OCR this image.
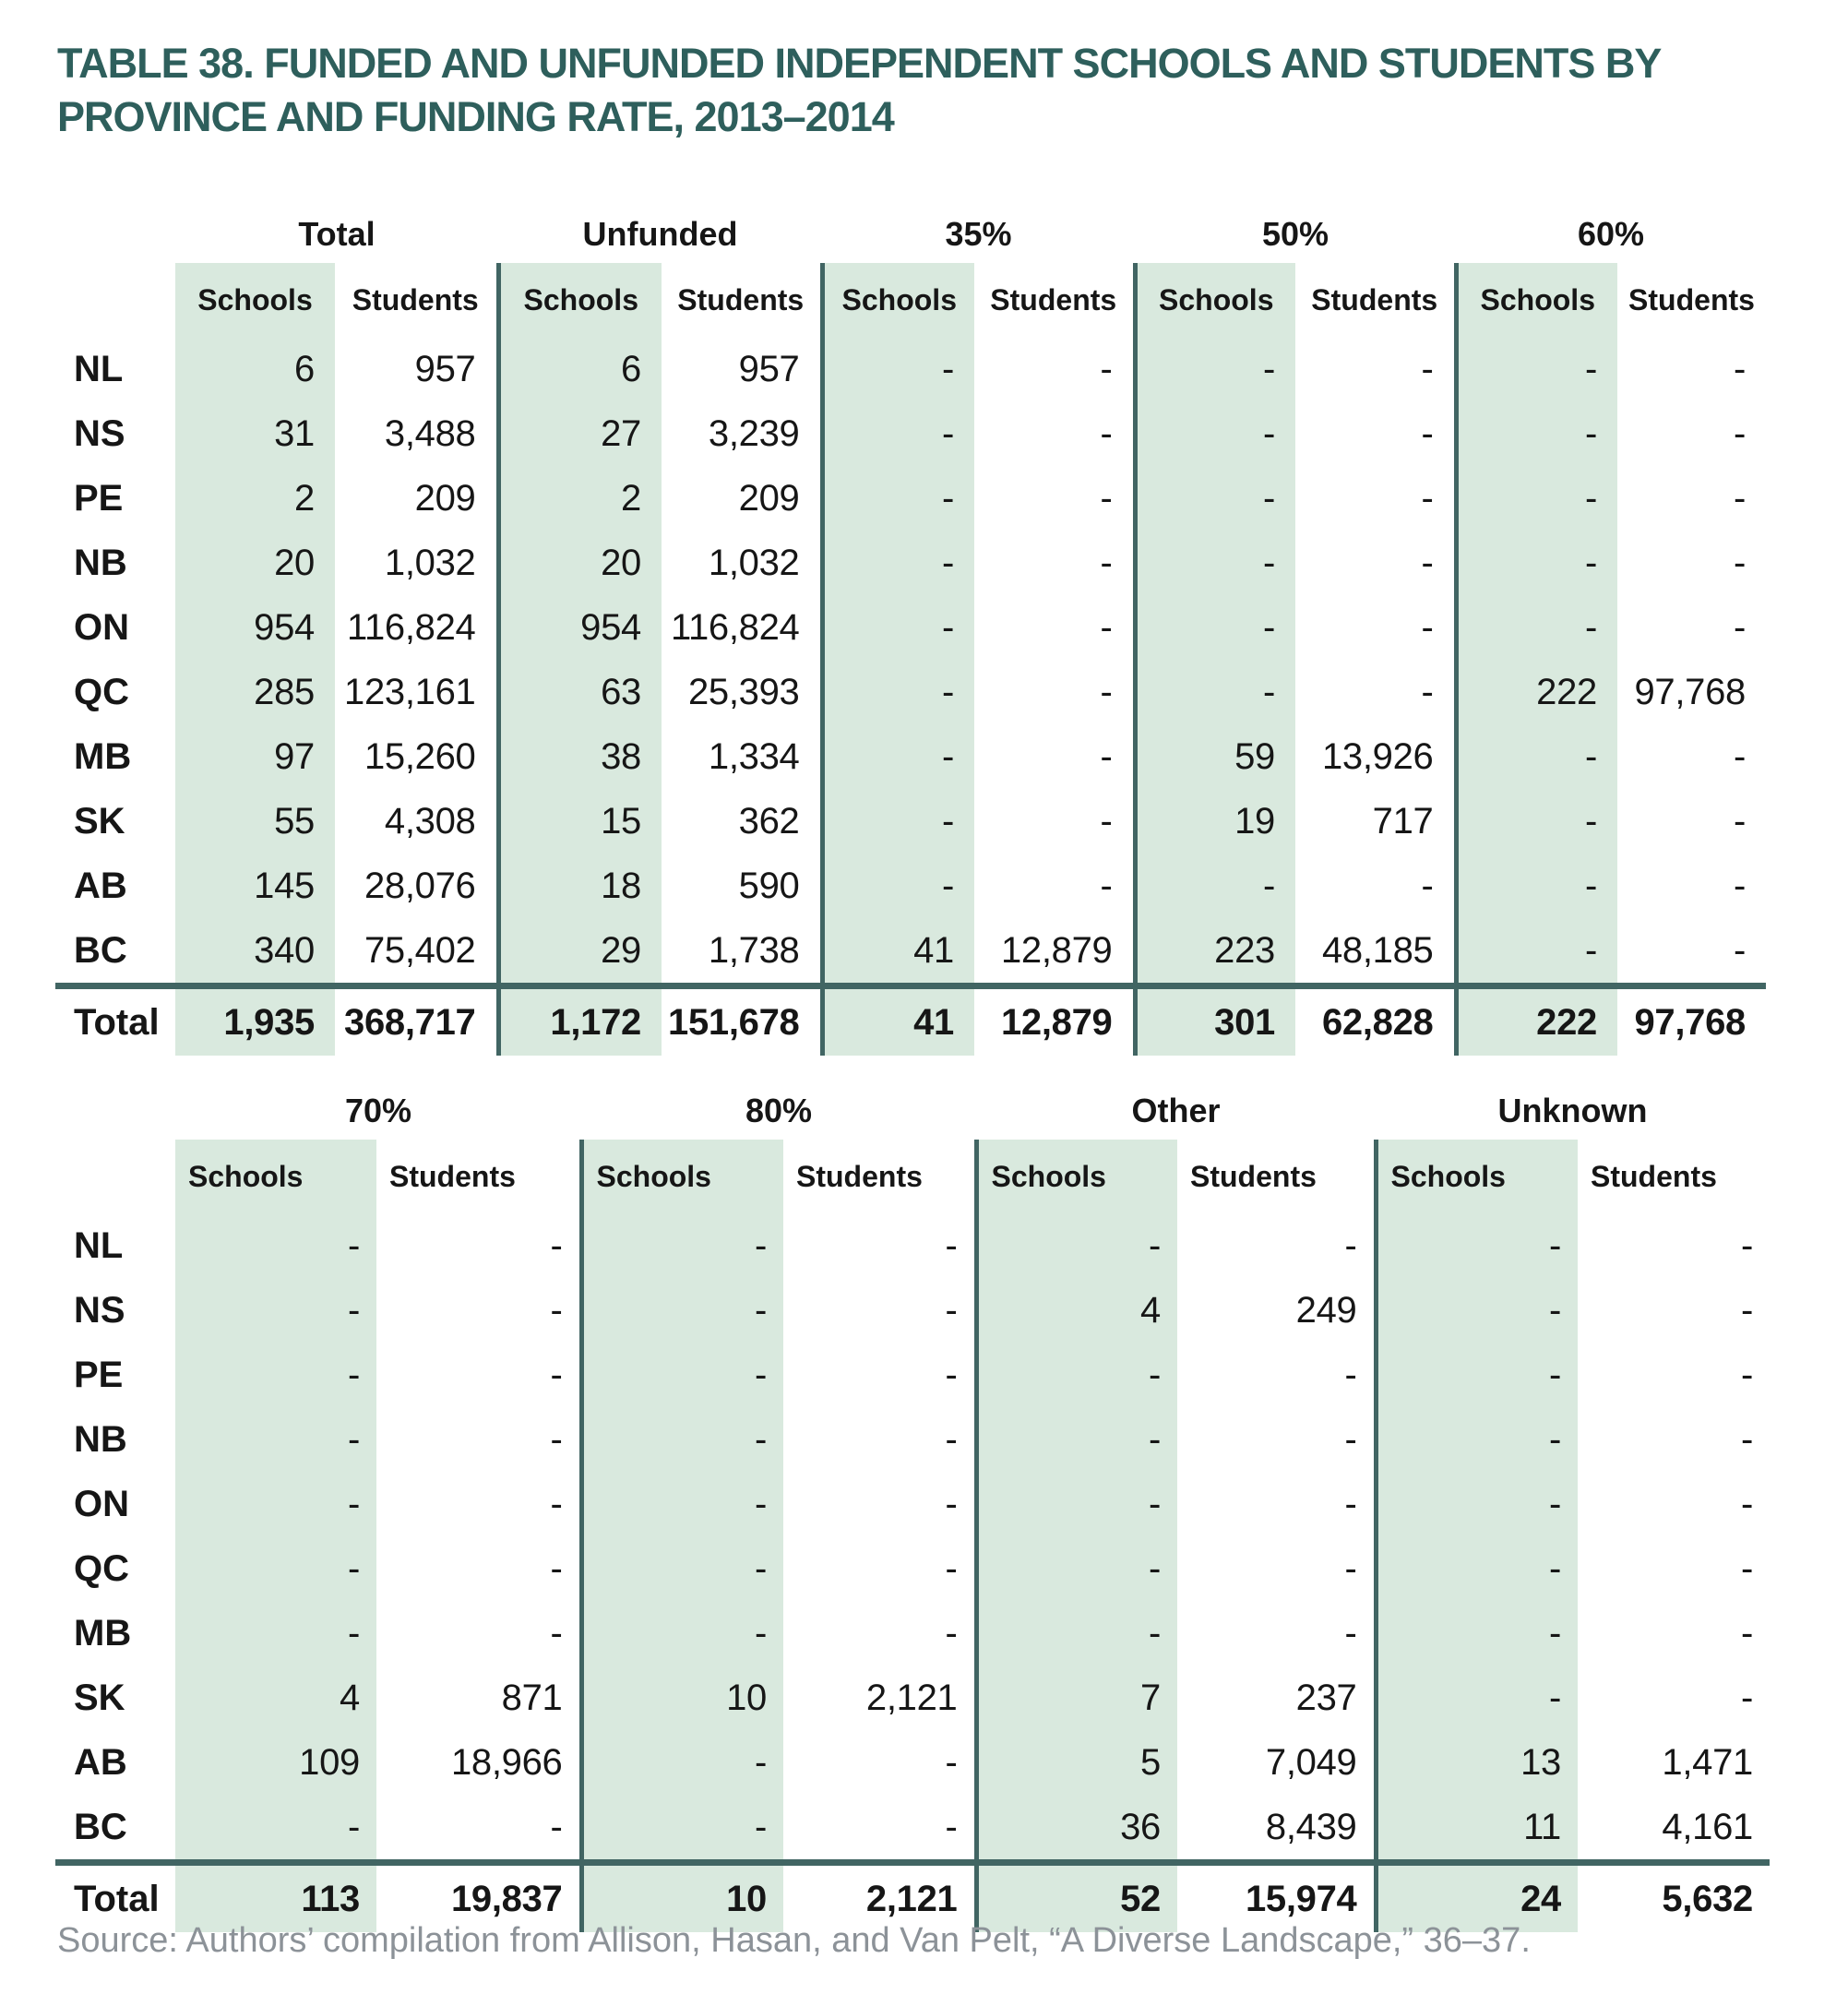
TABLE 38. FUNDED AND UNFUNDED INDEPENDENT SCHOOLS AND STUDENTS BY
PROVINCE AND FUNDING RATE, 2013–2014
	Total		Unfunded		35%		50%		60%	
	Schools	Students	Schools	Students	Schools	Students	Schools	Students	Schools	Students
NL	6	957	6	957	-	-	-	-	-	-
NS	31	3,488	27	3,239	-	-	-	-	-	-
PE	2	209	2	209	-	-	-	-	-	-
NB	20	1,032	20	1,032	-	-	-	-	-	-
ON	954	116,824	954	116,824	-	-	-	-	-	-
QC	285	123,161	63	25,393	-	-	-	-	222	97,768
MB	97	15,260	38	1,334	-	-	59	13,926	-	-
SK	55	4,308	15	362	-	-	19	717	-	-
AB	145	28,076	18	590	-	-	-	-	-	-
BC	340	75,402	29	1,738	41	12,879	223	48,185	-	-
Total	1,935	368,717	1,172	151,678	41	12,879	301	62,828	222	97,768
	70%		80%		Other		Unknown	
	Schools	Students	Schools	Students	Schools	Students	Schools	Students
NL	-	-	-	-	-	-	-	-
NS	-	-	-	-	4	249	-	-
PE	-	-	-	-	-	-	-	-
NB	-	-	-	-	-	-	-	-
ON	-	-	-	-	-	-	-	-
QC	-	-	-	-	-	-	-	-
MB	-	-	-	-	-	-	-	-
SK	4	871	10	2,121	7	237	-	-
AB	109	18,966	-	-	5	7,049	13	1,471
BC	-	-	-	-	36	8,439	11	4,161
Total	113	19,837	10	2,121	52	15,974	24	5,632

Source: Authors’ compilation from Allison, Hasan, and Van Pelt, “A Diverse Landscape,” 36–37.
